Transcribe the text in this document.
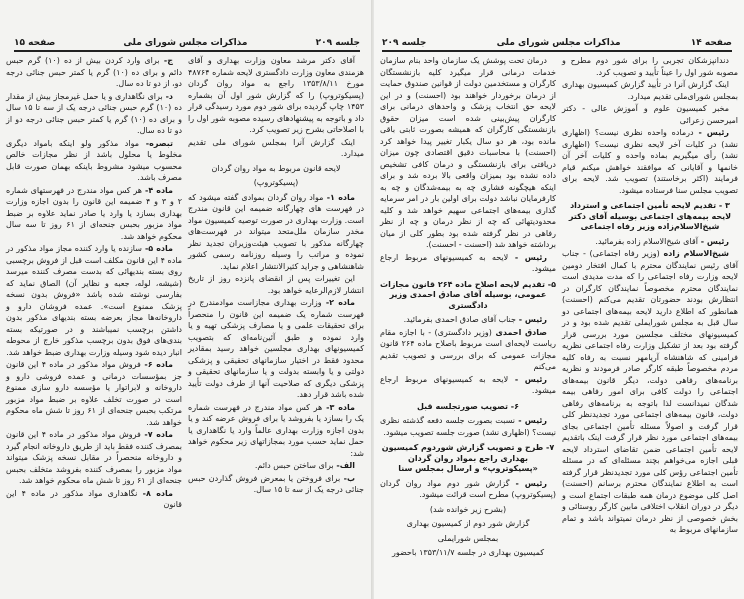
جلسه ۲۰۹
مذاکرات مجلس شورای ملی
صفحه ۱۵

آقای دکتر مرشد معاون وزارت بهداری و آقای هزمندی معاون وزارت دادگستری لایحه شماره ۴۸۷۶۴ مورخ ۱۳۵۳/۸/۱۱ راجع به مواد روان گردان (پسیکوتروپ) را که گزارش شور اول آن بشماره ۱۴۵۳ چاپ گردیده برای شور دوم مورد رسیدگی قرار داد و باتوجه به پیشنهادهای رسیده مصوبه شور اول را با اصلاحاتی بشرح زیر تصویب کرد.

اینک گزارش آنرا بمجلس شورای ملی تقدیم میدارد.

لایحه قانون مربوط به مواد روان گردان

(پسیکوتروپ)

ماده ۱- مواد روان گردان بموادی گفته میشود که در فهرست های چهارگانه ضمیمه این قانون مندرج است. وزارت بهداری در صورت توصیه کمیسیون مواد مخدر سازمان ملل‌متحد میتواند در فهرست‌های چهارگانه مذکور با تصویب هیئت‌وزیران تجدید نظر نموده و مراتب را وسیله روزنامه رسمی کشور شاهنشاهی و جراید کثیرالانتشار اعلام نماید.

این تغییرات پس از انقضای پانزده روز از تاریخ انتشار لازم‌الرعایه خواهد بود.

ماده ۲- وزارت بهداری مجازاست موادمندرج در فهرست شماره یک ضمیمه این قانون را منحصراً برای تحقیقات علمی و یا مصارف پزشکی تهیه و یا وارد نموده و طبق آئین‌نامه‌ای که بتصویب کمیسیونهای بهداری مجلسین خواهد رسید بمقادیر محدود فقط در اختیار سازمانهای تحقیقی و پزشکی دولتی و یا وابسته بدولت و یا سازمانهای تحقیقی و پزشکی دیگری که صلاحیت آنها از طرف دولت تأیید شده باشد قرار دهد.

ماده ۳- هر کس مواد مندرج در فهرست شماره یک را بسازد یا بفروشد یا برای فروش عرضه کند و یا بدون اجازه وزارت بهداری عالماً وارد یا نگاهداری یا حمل نماید حسب مورد بمجازاتهای زیر محکوم خواهد شد:

الف- برای ساختن حبس دائم.

ب- برای فروختن یا بمعرض فروش گذاردن حبس جنائی درجه یک از سه تا ۱۵ سال.

ج- برای وارد کردن بیش از ده (۱۰) گرم حبس دائم و برای ده (۱۰) گرم یا کمتر حبس جنائی درجه دو، از دو تا ده سال.

د- برای نگاهداری و یا حمل غیرمجاز بیش از مقدار ده (۱۰) گرم حبس جنائی درجه یک از سه تا ۱۵ سال و برای ده (۱۰) گرم یا کمتر حبس جنائی درجه دو از دو تا ده سال.

تبصره- مواد مذکور ولو اینکه بامواد دیگری مخلوط یا محلول باشد از نظر مجازات خالص محسوب میشود مشروط باینکه بهمان صورت قابل مصرف باشد.

ماده ۴- هر کس مواد مندرج در فهرستهای شماره ۲ و ۳ و ۴ ضمیمه این قانون را بدون اجازه وزارت بهداری بسازد یا وارد یا صادر نماید علاوه بر ضبط مواد مزبور بحبس جنحه‌ای از ۶۱ روز تا سه سال محکوم خواهد شد.

ماده ۵- سازنده یا وارد کننده مجاز مواد مذکور در ماده ۴ این قانون مکلف است قبل از فروش برچسبی روی بسته بندیهائی که بدست مصرف کننده میرسد (شیشه، لوله، جعبه و نظایر آن) الصاق نماید که بفارسی نوشته شده باشد «فروش بدون نسخه پزشک ممنوع است». عمده فروشان دارو و داروخانه‌ها مجاز بعرضه بسته بندیهای مذکور بدون داشتن برچسب نمیباشند و در صورتیکه بسته بندی‌های فوق بدون برچسب مذکور خارج از محوطه انبار دیده شود وسیله وزارت بهداری ضبط خواهد شد.

ماده ۶- فروش مواد مذکور در ماده ۴ این قانون جز بمؤسسات درمانی و عمده فروشی دارو و داروخانه و لابراتوار یا مؤسسه دارو سازی ممنوع است در صورت تخلف علاوه بر ضبط مواد مزبور مرتکب بحبس جنحه‌ای از ۶۱ روز تا شش ماه محکوم خواهد شد.

ماده ۷- فروش مواد مذکور در ماده ۴ این قانون بمصرف کننده فقط باید از طریق داروخانه انجام گیرد و داروخانه منحصراً در مقابل نسخه پزشک میتواند مواد مزبور را بمصرف کننده بفروشد متخلف بحبس جنحه‌ای از ۶۱ روز تا شش ماه محکوم خواهد شد.

ماده ۸- نگاهداری مواد مذکور در ماده ۴ این قانون

صفحه ۱۴
مذاکرات مجلس شورای ملی
جلسه ۲۰۹

دندانپزشکان تجربی را برای شور دوم مطرح و مصوبه شور اول را عیناً تأیید و تصویب کرد.

اینک گزارش آنرا در تأیید گزارش کمیسیون بهداری بمجلس شورای‌ملی تقدیم میدارد.

مخبر کمیسیون علوم و آموزش عالی - دکتر امیرحسن زعرائی

رئیس - درماده واحده نظری نیست؟ (اظهاری نشد) در کلیات آخر لایحه نظری نیست؟ (اظهاری نشد) رأی میگیریم بماده واحده و کلیات آخر آن خانمها و آقایانی که موافقند خواهش میکنم قیام فرمایند (اکثر برخاستند) تصویب شد. لایحه برای تصویب مجلس سنا فرستاده میشود.

۳ - تقدیم لایحه تأمین اجتماعی و استرداد لایحه بیمه‌های اجتماعی بوسیله آقای دکتر شیخ‌الاسلام‌زاده وزیر رفاه اجتماعی

رئیس - آقای شیخ‌الاسلام زاده بفرمائید.

شیخ‌الاسلام زاده (وزیر رفاه اجتماعی) - جناب آقای رئیس نمایندگان محترم با کمال افتخار دومین لایحه وزارت رفاه اجتماعی را که مدت مدیدی است نمایندگان محترم مخصوصاً نمایندگان کارگران در انتظارش بودند حضورتان تقدیم می‌کنم (احسنت) همانطور که اطلاع دارید لایحه بیمه‌های اجتماعی دو سال قبل به مجلس شورایملی تقدیم شده بود و در کمیسیونهای مختلف مجلسین مورد بررسی قرار گرفته بود بعد از تشکیل وزارت رفاه اجتماعی نظریه فرامینی که شاهنشاه آریامهر نسبت به رفاه کلیه مردم مخصوصاً طبقه کارگر صادر فرمودند و نظریه برنامه‌های رفاهی دولت، دیگر قانون بیمه‌های اجتماعی را دولت کافی برای امور رفاهی بیمه شدگان نمیدانست لذا باتوجه به برنامه‌های رفاهی دولت، قانون بیمه‌های اجتماعی مورد تجدیدنظر کلی قرار گرفت و اصولاً مسئله تأمین اجتماعی بجای بیمه‌های اجتماعی مورد نظر قرار گرفت اینک باتقدیم لایحه تأمین اجتماعی ضمن تقاضای استرداد لایحه قبلی اجازه می‌خواهم بچند مسئله‌ای که در مسئله تأمین اجتماعی رؤس کلی مورد تجدیدنظر قرار گرفته است به اطلاع نمایندگان محترم برسانم (احسنت) اصل کلی موضوع درمان همه طبقات اجتماع است و دیگر در دوران انقلاب اختلافی مابین کارگر روستائی و بخش خصوصی از نظر درمان نمیتواند باشد و تمام سازمانهای مربوط به

درمان تحت پوشش یک سازمان واحد بنام سازمان خدمات درمانی قرار میگیرد کلیه بازنشستگان کارگران و مستخدمین دولت از قوانین صندوق حمایت از درمان برخوردار خواهند بود (احسنت) و در این لایحه حق انتخاب پزشک و واحدهای درمانی برای کارگران پیش‌بینی شده است میزان حقوق بازنشستگی کارگران که همیشه بصورت ثابتی باقی مانده بود، هر دو سال یکبار تغییر پیدا خواهد کرد (احسنت) با محاسبات دقیق اقتصادی چون میزان دریافتی برای بازنشستگی و درمان کافی تشخیص داده نشده بود بمیزان واقعی بالا برده شد و برای اینکه هیچگونه فشاری چه به بیمه‌شدگان و چه به کارفرمایان نباشد دولت برای اولین بار در امر سرمایه گذاری بیمه‌های اجتماعی سهیم خواهد شد و کلیه محدودیتهائی که چه از نظر درمان و چه از نظر رفاهی در نظر گرفته شده بود بطور کلی از میان برداشته خواهد شد (احسنت - احسنت).

رئیس - لایحه به کمیسیونهای مربوط ارجاع میشود.

۵- تقدیم لایحه اصلاح ماده ۲۶۴ قانون مجازات عمومی، بوسیله آقای صادق احمدی وزیر دادگستری

رئیس - جناب آقای صادق احمدی بفرمائید.

صادق احمدی (وزیر دادگستری) - با اجازه مقام ریاست لایحه‌ای است مربوط باصلاح ماده ۲۶۴ قانون مجازات عمومی که برای بررسی و تصویب تقدیم می‌کنم

رئیس - لایحه به کمیسیونهای مربوط ارجاع میشود.

۶- تصویب صورتجلسه قبل

رئیس - نسبت بصورت جلسه دفعه گذشته نظری نیست؟ (اظهاری نشد) صورت جلسه تصویب میشود.

۷- طرح و تصویب گزارش شوردوم کمیسیون بهداری راجع بمواد روان گردان «پسیکوتروپ» و ارسال بمجلس سنا

رئیس - گزارش شور دوم مواد روان گردان (پسیکوتروپ) مطرح است قرائت میشود.

(بشرح زیر خوانده شد)

گزارش شور دوم از کمیسیون بهداری

بمجلس شورایملی

کمیسیون بهداری در جلسه ۱۳۵۳/۱۱/۷ باحضور
